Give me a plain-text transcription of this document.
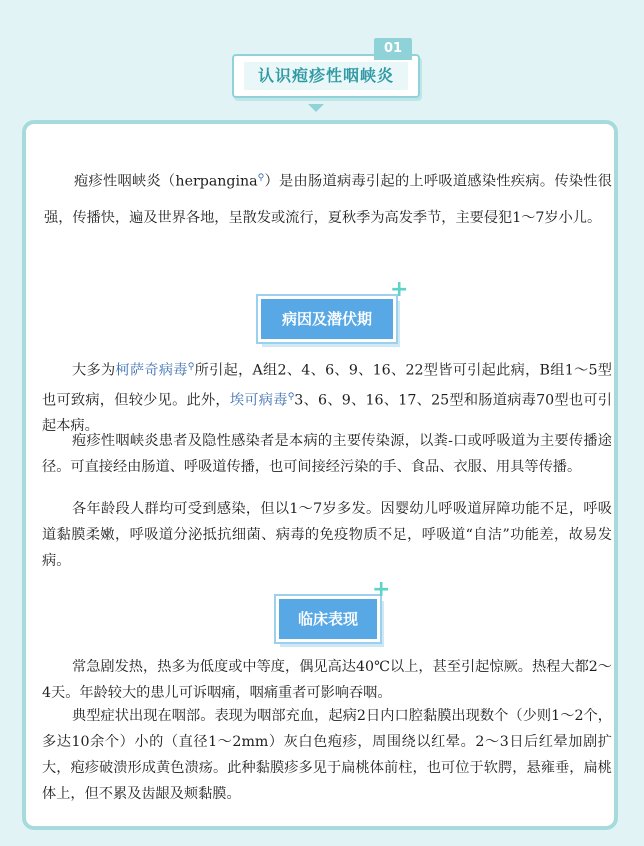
认识疱疹性咽峡炎
01

疱疹性咽峡炎（herpangina⚲）是由肠道病毒引起的上呼吸道感染性疾病。传染性很强，传播快，遍及世界各地，呈散发或流行，夏秋季为高发季节，主要侵犯1～7岁小儿。

病因及潜伏期
+

大多为柯萨奇病毒⚲所引起，A组2、4、6、9、16、22型皆可引起此病，B组1～5型也可致病，但较少见。此外，埃可病毒⚲3、6、9、16、17、25型和肠道病毒70型也可引起本病。

疱疹性咽峡炎患者及隐性感染者是本病的主要传染源，以粪-口或呼吸道为主要传播途径。可直接经由肠道、呼吸道传播，也可间接经污染的手、食品、衣服、用具等传播。

各年龄段人群均可受到感染，但以1～7岁多发。因婴幼儿呼吸道屏障功能不足，呼吸道黏膜柔嫩，呼吸道分泌抵抗细菌、病毒的免疫物质不足，呼吸道“自洁”功能差，故易发病。

临床表现
+

常急剧发热，热多为低度或中等度，偶见高达40℃以上，甚至引起惊厥。热程大都2～4天。年龄较大的患儿可诉咽痛，咽痛重者可影响吞咽。

典型症状出现在咽部。表现为咽部充血，起病2日内口腔黏膜出现数个（少则1～2个，多达10余个）小的（直径1～2mm）灰白色疱疹，周围绕以红晕。2～3日后红晕加剧扩大，疱疹破溃形成黄色溃疡。此种黏膜疹多见于扁桃体前柱，也可位于软腭，悬雍垂，扁桃体上，但不累及齿龈及颊黏膜。
